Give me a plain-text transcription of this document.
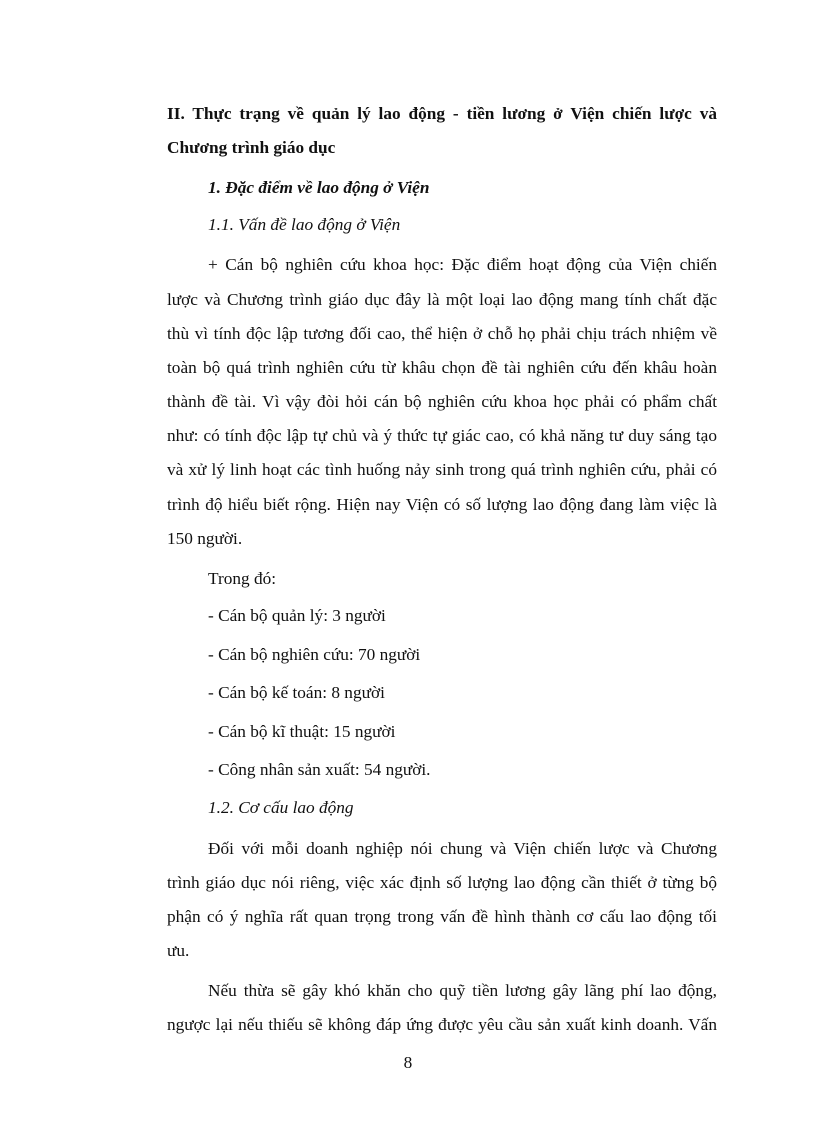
II. Thực trạng về quản lý lao động - tiền lương ở Viện chiến lược và
Chương trình giáo dục
1. Đặc điểm về lao động ở Viện
1.1. Vấn đề lao động ở Viện
+ Cán bộ nghiên cứu khoa học: Đặc điểm hoạt động của Viện chiến
lược và Chương trình giáo dục đây là một loại lao động mang tính chất đặc
thù vì tính độc lập tương đối cao, thể hiện ở chỗ họ phải chịu trách nhiệm về
toàn bộ quá trình nghiên cứu từ khâu chọn đề tài nghiên cứu đến khâu hoàn
thành đề tài. Vì vậy đòi hỏi cán bộ nghiên cứu khoa học phải có phẩm chất
như: có tính độc lập tự chủ và ý thức tự giác cao, có khả năng tư duy sáng tạo
và xử lý linh hoạt các tình huống nảy sinh trong quá trình nghiên cứu, phải có
trình độ hiểu biết rộng. Hiện nay Viện có số lượng lao động đang làm việc là
150 người.
Trong đó:
- Cán bộ quản lý: 3 người
- Cán bộ nghiên cứu: 70 người
- Cán bộ kế toán: 8 người
- Cán bộ kĩ thuật: 15 người
- Công nhân sản xuất: 54 người.
1.2. Cơ cấu lao động
Đối với mỗi doanh nghiệp nói chung và Viện chiến lược và Chương
trình giáo dục nói riêng, việc xác định số lượng lao động cần thiết ở từng bộ
phận có ý nghĩa rất quan trọng trong vấn đề hình thành cơ cấu lao động tối
ưu.
Nếu thừa sẽ gây khó khăn cho quỹ tiền lương gây lãng phí lao động,
ngược lại nếu thiếu sẽ không đáp ứng được yêu cầu sản xuất kinh doanh. Vấn
8
